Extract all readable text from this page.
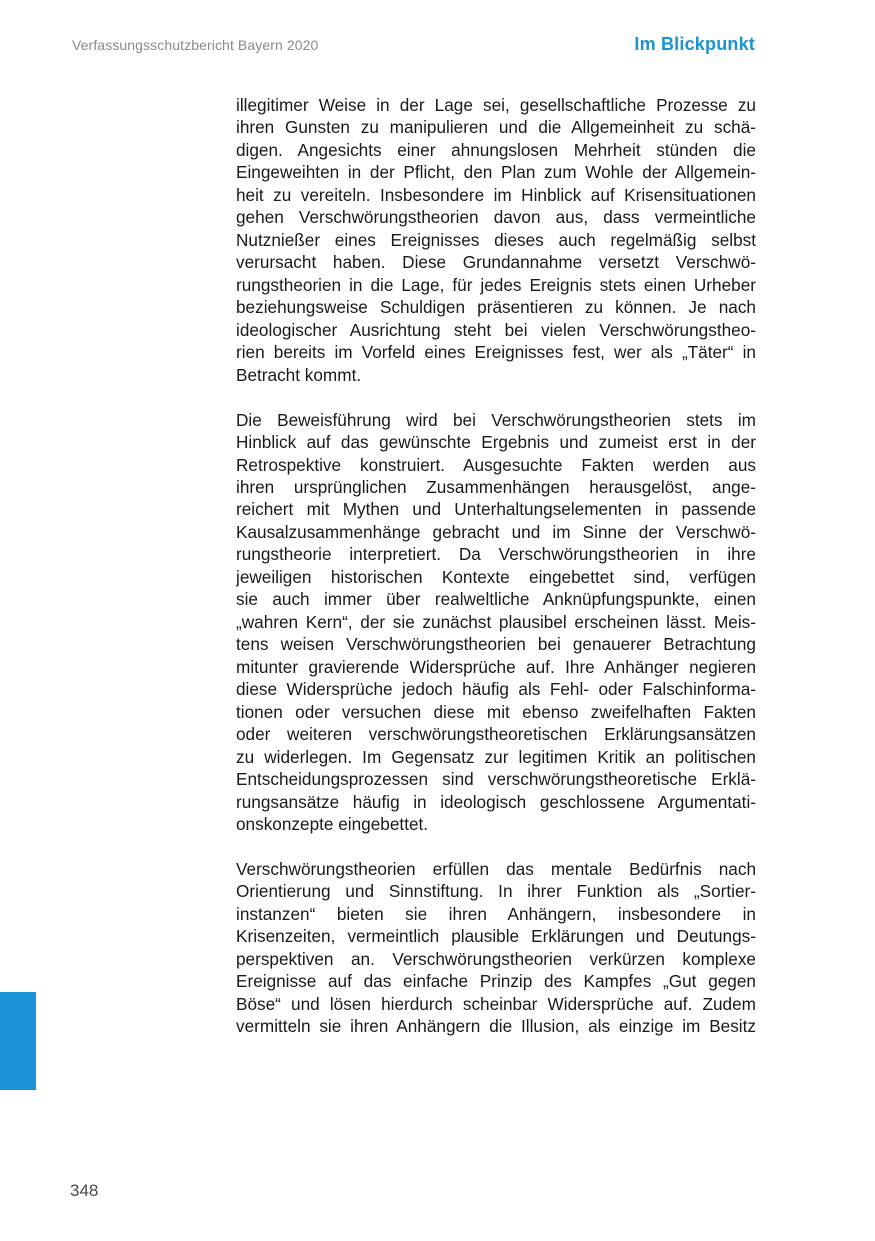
Verfassungsschutzbericht Bayern 2020	Im Blickpunkt
illegitimer Weise in der Lage sei, gesellschaftliche Prozesse zu
ihren Gunsten zu manipulieren und die Allgemeinheit zu schä-
digen. Angesichts einer ahnungslosen Mehrheit stünden die
Eingeweihten in der Pflicht, den Plan zum Wohle der Allgemein-
heit zu vereiteln. Insbesondere im Hinblick auf Krisensituationen
gehen Verschwörungstheorien davon aus, dass vermeintliche
Nutznießer eines Ereignisses dieses auch regelmäßig selbst
verursacht haben. Diese Grundannahme versetzt Verschwö-
rungstheorien in die Lage, für jedes Ereignis stets einen Urheber
beziehungsweise Schuldigen präsentieren zu können. Je nach
ideologischer Ausrichtung steht bei vielen Verschwörungstheo-
rien bereits im Vorfeld eines Ereignisses fest, wer als „Täter“ in
Betracht kommt.
Die Beweisführung wird bei Verschwörungstheorien stets im
Hinblick auf das gewünschte Ergebnis und zumeist erst in der
Retrospektive konstruiert. Ausgesuchte Fakten werden aus
ihren ursprünglichen Zusammenhängen herausgelöst, ange-
reichert mit Mythen und Unterhaltungselementen in passende
Kausalzusammenhänge gebracht und im Sinne der Verschwö-
rungstheorie interpretiert. Da Verschwörungstheorien in ihre
jeweiligen historischen Kontexte eingebettet sind, verfügen
sie auch immer über realweltliche Anknüpfungspunkte, einen
„wahren Kern“, der sie zunächst plausibel erscheinen lässt. Meis-
tens weisen Verschwörungstheorien bei genauerer Betrachtung
mitunter gravierende Widersprüche auf. Ihre Anhänger negieren
diese Widersprüche jedoch häufig als Fehl- oder Falschinforma-
tionen oder versuchen diese mit ebenso zweifelhaften Fakten
oder weiteren verschwörungstheoretischen Erklärungsansätzen
zu widerlegen. Im Gegensatz zur legitimen Kritik an politischen
Entscheidungsprozessen sind verschwörungstheoretische Erklä-
rungsansätze häufig in ideologisch geschlossene Argumentati-
onskonzepte eingebettet.
Verschwörungstheorien erfüllen das mentale Bedürfnis nach
Orientierung und Sinnstiftung. In ihrer Funktion als „Sortier-
instanzen“ bieten sie ihren Anhängern, insbesondere in
Krisenzeiten, vermeintlich plausible Erklärungen und Deutungs-
perspektiven an. Verschwörungstheorien verkürzen komplexe
Ereignisse auf das einfache Prinzip des Kampfes „Gut gegen
Böse“ und lösen hierdurch scheinbar Widersprüche auf. Zudem
vermitteln sie ihren Anhängern die Illusion, als einzige im Besitz
348
